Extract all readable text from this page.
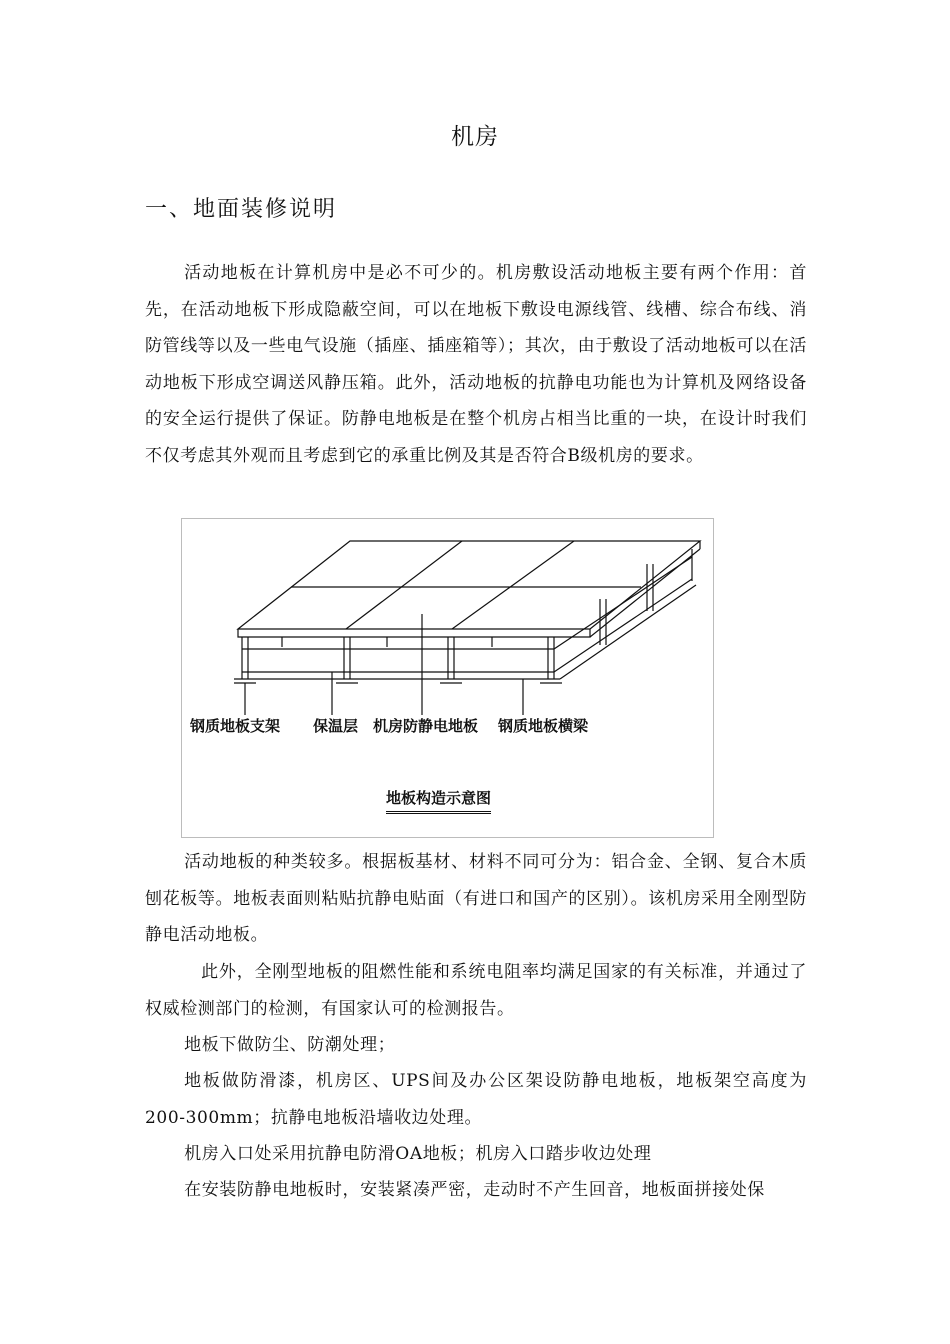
机房
一、地面装修说明

活动地板在计算机房中是必不可少的。机房敷设活动地板主要有两个作用：首先，在活动地板下形成隐蔽空间，可以在地板下敷设电源线管、线槽、综合布线、消防管线等以及一些电气设施（插座、插座箱等）；其次，由于敷设了活动地板可以在活动地板下形成空调送风静压箱。此外，活动地板的抗静电功能也为计算机及网络设备的安全运行提供了保证。防静电地板是在整个机房占相当比重的一块，在设计时我们不仅考虑其外观而且考虑到它的承重比例及其是否符合B级机房的要求。

钢质地板支架 保温层 机房防静电地板 钢质地板横梁
地板构造示意图

活动地板的种类较多。根据板基材、材料不同可分为：铝合金、全钢、复合木质刨花板等。地板表面则粘贴抗静电贴面（有进口和国产的区别）。该机房采用全刚型防静电活动地板。

此外，全刚型地板的阻燃性能和系统电阻率均满足国家的有关标准，并通过了权威检测部门的检测，有国家认可的检测报告。

地板下做防尘、防潮处理；

地板做防滑漆，机房区、UPS间及办公区架设防静电地板，地板架空高度为200-300mm；抗静电地板沿墙收边处理。

机房入口处采用抗静电防滑OA地板；机房入口踏步收边处理

在安装防静电地板时，安装紧凑严密，走动时不产生回音，地板面拼接处保
